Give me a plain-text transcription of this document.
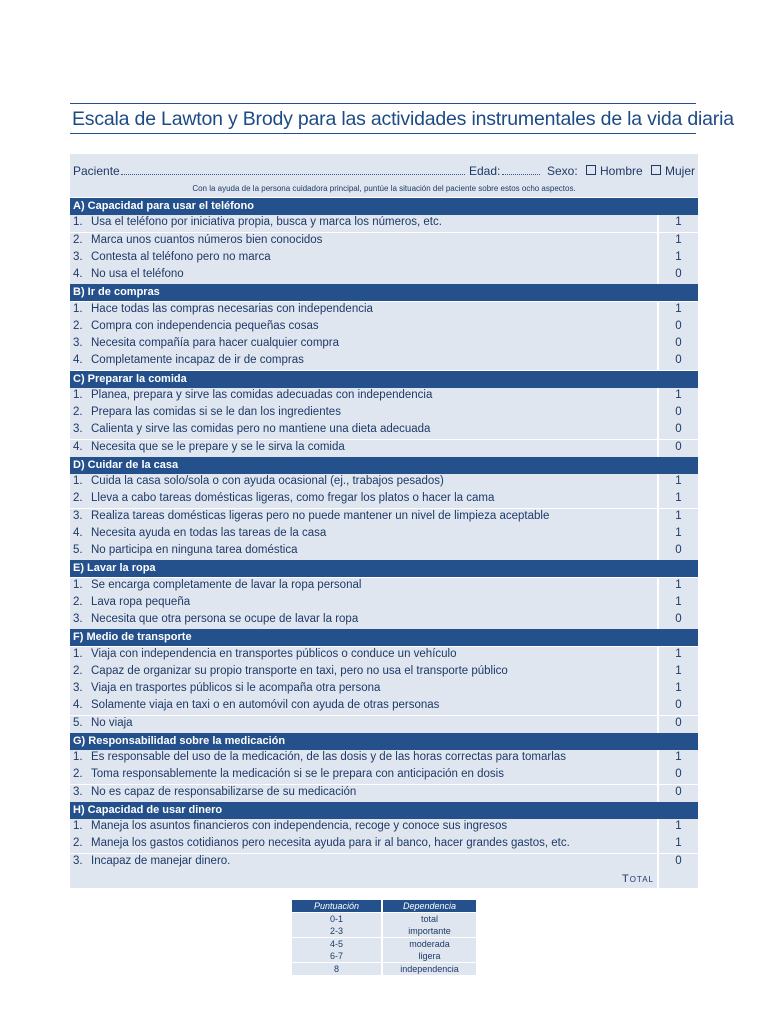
Escala de Lawton y Brody para las actividades instrumentales de la vida diaria
Paciente	Edad:	Sexo:	Hombre	Mujer
Con la ayuda de la persona cuidadora principal, puntúe la situación del paciente sobre estos ocho aspectos.
A) Capacidad para usar el teléfono
1. Usa el teléfono por iniciativa propia, busca y marca los números, etc.	1
2. Marca unos cuantos números bien conocidos	1
3. Contesta al teléfono pero no marca	1
4. No usa el teléfono	0
B) Ir de compras
1. Hace todas las compras necesarias con independencia	1
2. Compra con independencia pequeñas cosas	0
3. Necesita compañía para hacer cualquier compra	0
4. Completamente incapaz de ir de compras	0
C) Preparar la comida
1. Planea, prepara y sirve las comidas adecuadas con independencia	1
2. Prepara las comidas si se le dan los ingredientes	0
3. Calienta y sirve las comidas pero no mantiene una dieta adecuada	0
4. Necesita que se le prepare y se le sirva la comida	0
D) Cuidar de la casa
1. Cuida la casa solo/sola o con ayuda ocasional (ej., trabajos pesados)	1
2. Lleva a cabo tareas domésticas ligeras, como fregar los platos o hacer la cama	1
3. Realiza tareas domésticas ligeras pero no puede mantener un nivel de limpieza aceptable	1
4. Necesita ayuda en todas las tareas de la casa	1
5. No participa en ninguna tarea doméstica	0
E) Lavar la ropa
1. Se encarga completamente de lavar la ropa personal	1
2. Lava ropa pequeña	1
3. Necesita que otra persona se ocupe de lavar la ropa	0
F) Medio de transporte
1. Viaja con independencia en transportes públicos o conduce un vehículo	1
2. Capaz de organizar su propio transporte en taxi, pero no usa el transporte público	1
3. Viaja en trasportes públicos si le acompaña otra persona	1
4. Solamente viaja en taxi o en automóvil con ayuda de otras personas	0
5. No viaja	0
G) Responsabilidad sobre la medicación
1. Es responsable del uso de la medicación, de las dosis y de las horas correctas para tomarlas	1
2. Toma responsablemente la medicación si se le prepara con anticipación en dosis	0
3. No es capaz de responsabilizarse de su medicación	0
H) Capacidad de usar dinero
1. Maneja los asuntos financieros con independencia, recoge y conoce sus ingresos	1
2. Maneja los gastos cotidianos pero necesita ayuda para ir al banco, hacer grandes gastos, etc.	1
3. Incapaz de manejar dinero.	0
Total
Puntuación	Dependencia
0-1	total
2-3	importante
4-5	moderada
6-7	ligera
8	independencia
